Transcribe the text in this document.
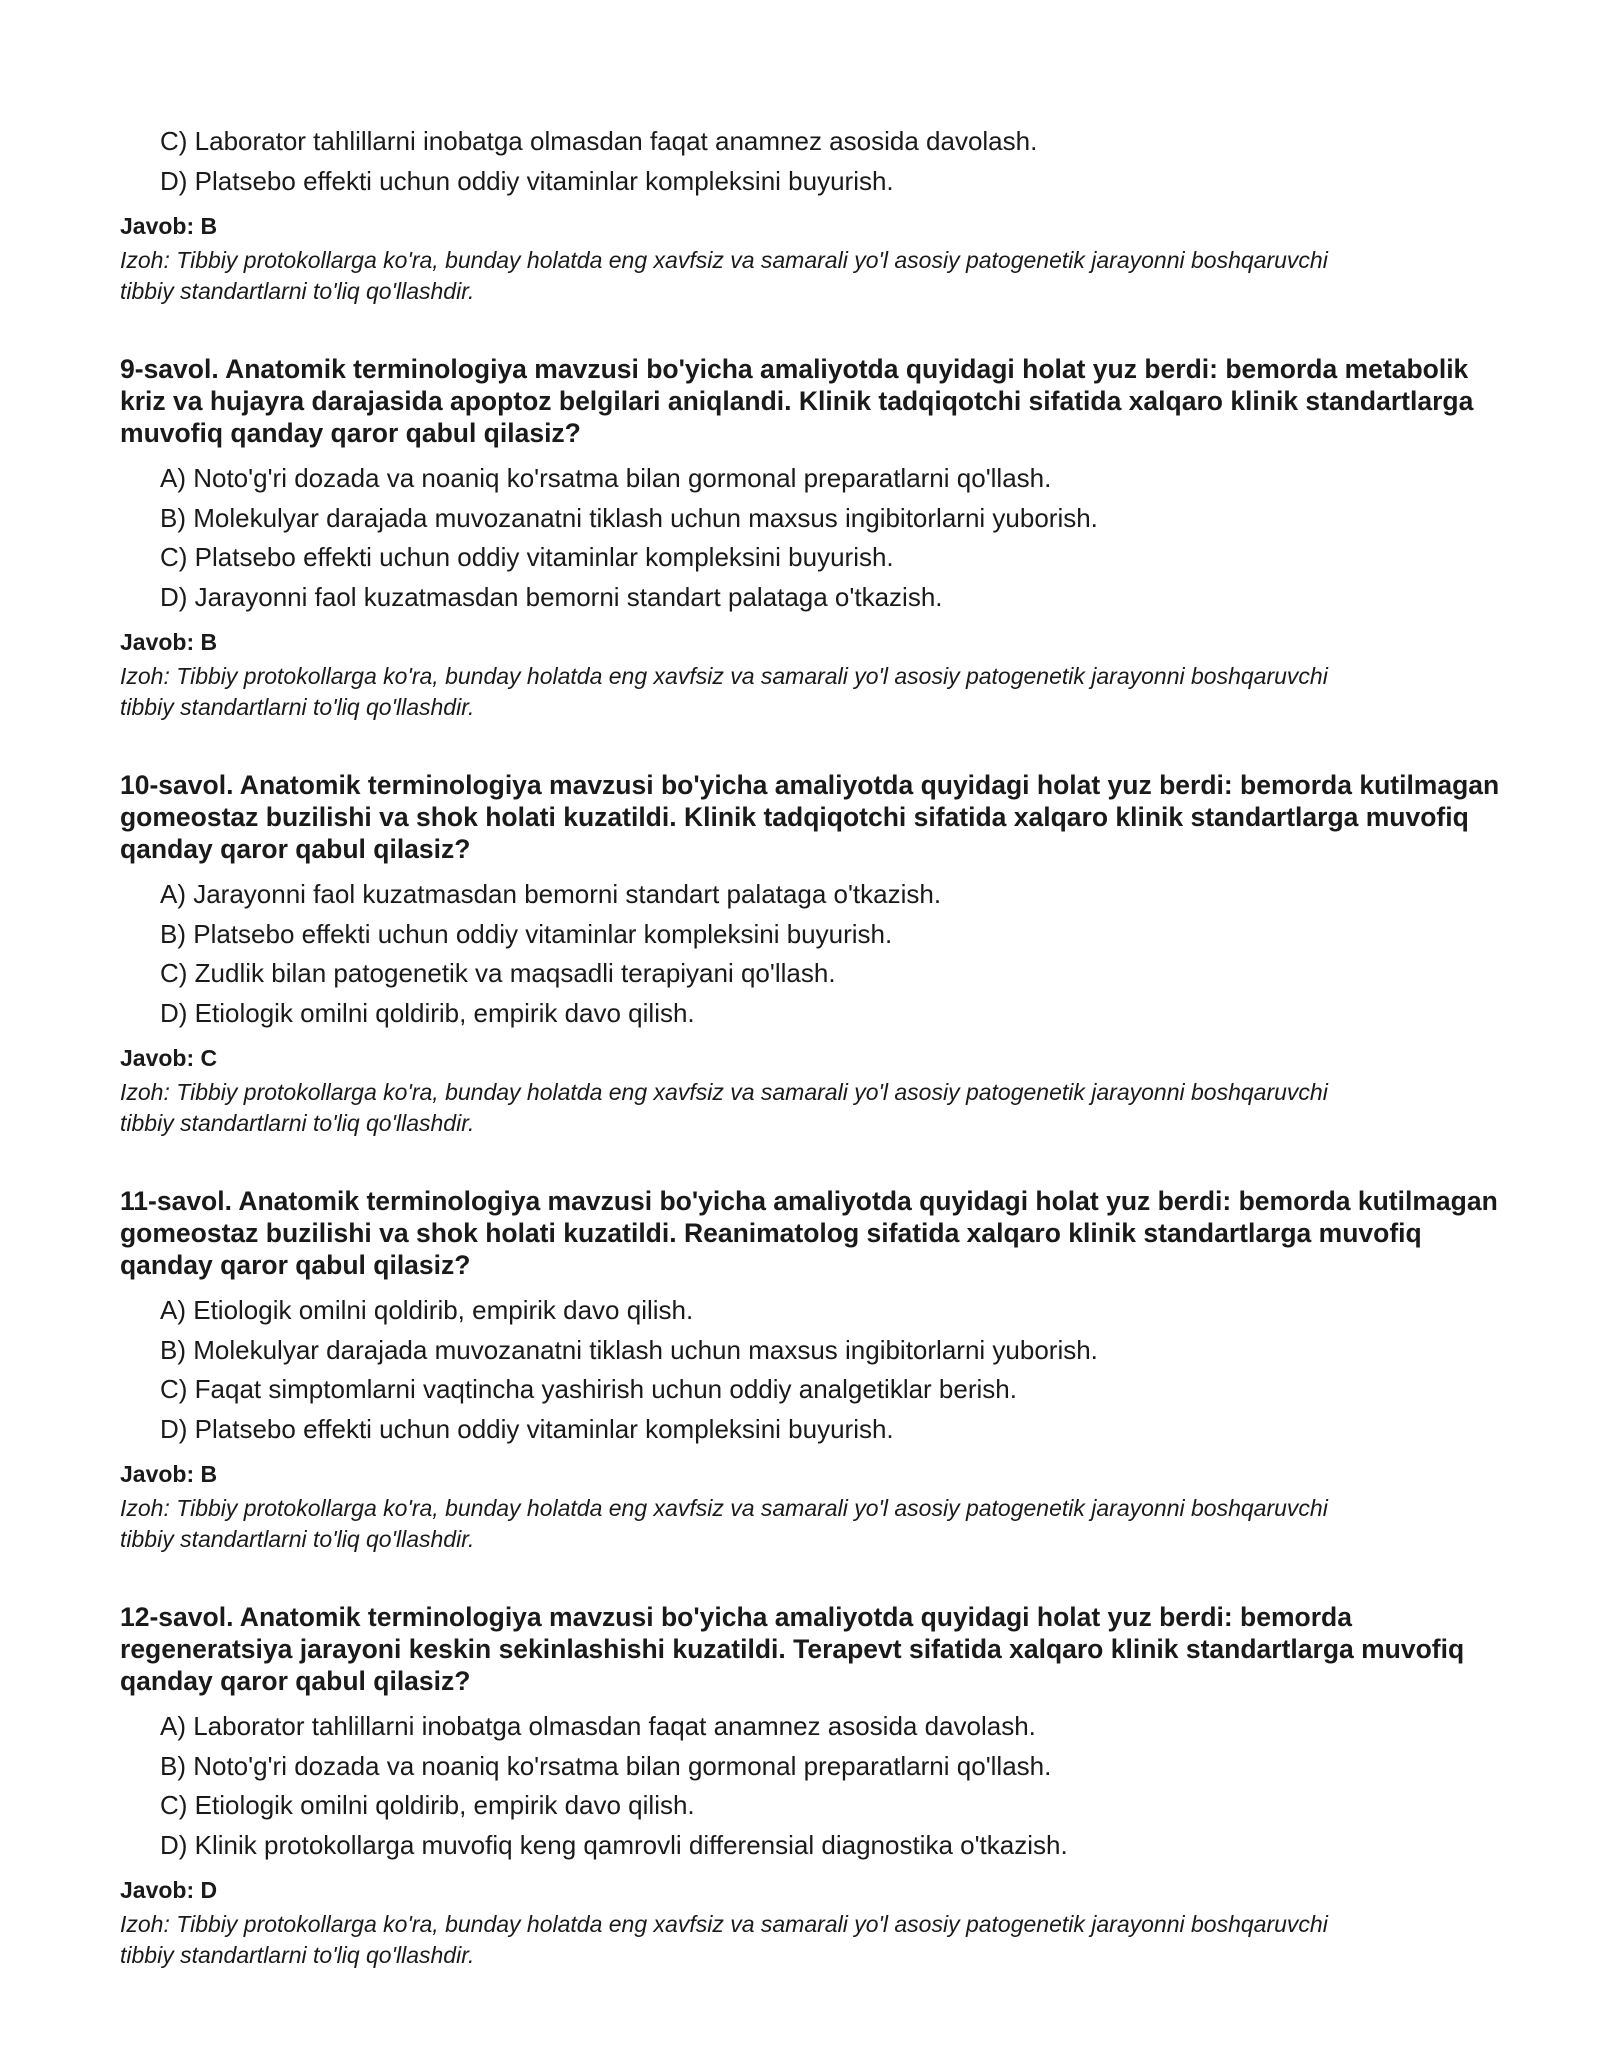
C) Laborator tahlillarni inobatga olmasdan faqat anamnez asosida davolash.

D) Platsebo effekti uchun oddiy vitaminlar kompleksini buyurish.

Javob: B
Izoh: Tibbiy protokollarga ko'ra, bunday holatda eng xavfsiz va samarali yo'l asosiy patogenetik jarayonni boshqaruvchi tibbiy standartlarni to'liq qo'llashdir.

9-savol. Anatomik terminologiya mavzusi bo'yicha amaliyotda quyidagi holat yuz berdi: bemorda metabolik kriz va hujayra darajasida apoptoz belgilari aniqlandi. Klinik tadqiqotchi sifatida xalqaro klinik standartlarga muvofiq qanday qaror qabul qilasiz?

A) Noto'g'ri dozada va noaniq ko'rsatma bilan gormonal preparatlarni qo'llash.

B) Molekulyar darajada muvozanatni tiklash uchun maxsus ingibitorlarni yuborish.

C) Platsebo effekti uchun oddiy vitaminlar kompleksini buyurish.

D) Jarayonni faol kuzatmasdan bemorni standart palataga o'tkazish.

Javob: B
Izoh: Tibbiy protokollarga ko'ra, bunday holatda eng xavfsiz va samarali yo'l asosiy patogenetik jarayonni boshqaruvchi tibbiy standartlarni to'liq qo'llashdir.

10-savol. Anatomik terminologiya mavzusi bo'yicha amaliyotda quyidagi holat yuz berdi: bemorda kutilmagan gomeostaz buzilishi va shok holati kuzatildi. Klinik tadqiqotchi sifatida xalqaro klinik standartlarga muvofiq qanday qaror qabul qilasiz?

A) Jarayonni faol kuzatmasdan bemorni standart palataga o'tkazish.

B) Platsebo effekti uchun oddiy vitaminlar kompleksini buyurish.

C) Zudlik bilan patogenetik va maqsadli terapiyani qo'llash.

D) Etiologik omilni qoldirib, empirik davo qilish.

Javob: C
Izoh: Tibbiy protokollarga ko'ra, bunday holatda eng xavfsiz va samarali yo'l asosiy patogenetik jarayonni boshqaruvchi tibbiy standartlarni to'liq qo'llashdir.

11-savol. Anatomik terminologiya mavzusi bo'yicha amaliyotda quyidagi holat yuz berdi: bemorda kutilmagan gomeostaz buzilishi va shok holati kuzatildi. Reanimatolog sifatida xalqaro klinik standartlarga muvofiq qanday qaror qabul qilasiz?

A) Etiologik omilni qoldirib, empirik davo qilish.

B) Molekulyar darajada muvozanatni tiklash uchun maxsus ingibitorlarni yuborish.

C) Faqat simptomlarni vaqtincha yashirish uchun oddiy analgetiklar berish.

D) Platsebo effekti uchun oddiy vitaminlar kompleksini buyurish.

Javob: B
Izoh: Tibbiy protokollarga ko'ra, bunday holatda eng xavfsiz va samarali yo'l asosiy patogenetik jarayonni boshqaruvchi tibbiy standartlarni to'liq qo'llashdir.

12-savol. Anatomik terminologiya mavzusi bo'yicha amaliyotda quyidagi holat yuz berdi: bemorda regeneratsiya jarayoni keskin sekinlashishi kuzatildi. Terapevt sifatida xalqaro klinik standartlarga muvofiq qanday qaror qabul qilasiz?

A) Laborator tahlillarni inobatga olmasdan faqat anamnez asosida davolash.

B) Noto'g'ri dozada va noaniq ko'rsatma bilan gormonal preparatlarni qo'llash.

C) Etiologik omilni qoldirib, empirik davo qilish.

D) Klinik protokollarga muvofiq keng qamrovli differensial diagnostika o'tkazish.

Javob: D
Izoh: Tibbiy protokollarga ko'ra, bunday holatda eng xavfsiz va samarali yo'l asosiy patogenetik jarayonni boshqaruvchi tibbiy standartlarni to'liq qo'llashdir.
